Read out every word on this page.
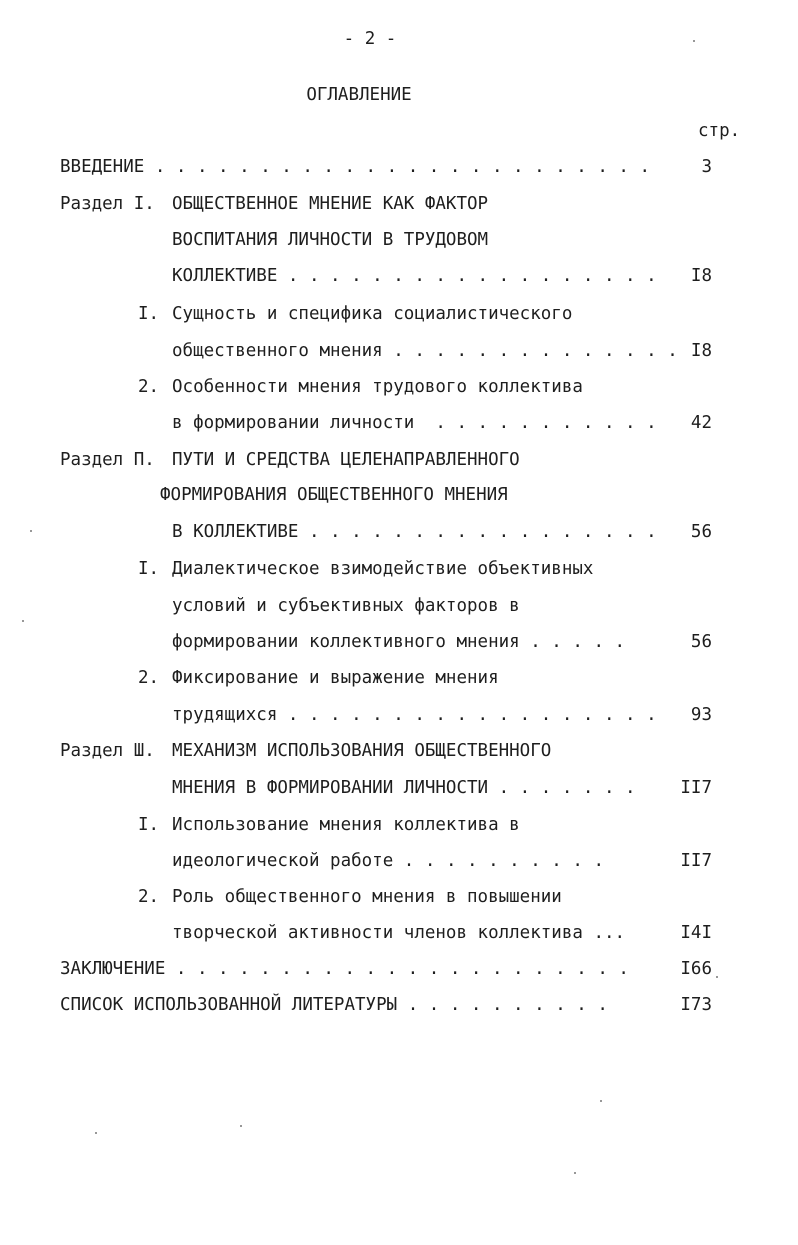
- 2 -
ОГЛАВЛЕНИЕ
стр.
ВВЕДЕНИЕ . . . . . . . . . . . . . . . . . . . . . . . .	3
Раздел I. ОБЩЕСТВЕННОЕ МНЕНИЕ КАК ФАКТОР
ВОСПИТАНИЯ ЛИЧНОСТИ В ТРУДОВОМ
КОЛЛЕКТИВЕ . . . . . . . . . . . . . . . . . .	I8
I. Сущность и специфика социалистического
общественного мнения . . . . . . . . . . . . . . I8
2. Особенности мнения трудового коллектива
в формировании личности  . . . . . . . . . . .	42
Раздел П. ПУТИ И СРЕДСТВА ЦЕЛЕНАПРАВЛЕННОГО
ФОРМИРОВАНИЯ ОБЩЕСТВЕННОГО МНЕНИЯ
В КОЛЛЕКТИВЕ . . . . . . . . . . . . . . . . .	56
I. Диалектическое взимодействие объективных
условий и субъективных факторов в
формировании коллективного мнения . . . . .	56
2. Фиксирование и выражение мнения
трудящихся . . . . . . . . . . . . . . . . . .	93
Раздел Ш. МЕХАНИЗМ ИСПОЛЬЗОВАНИЯ ОБЩЕСТВЕННОГО
МНЕНИЯ В ФОРМИРОВАНИИ ЛИЧНОСТИ . . . . . . .	II7
I. Использование мнения коллектива в
идеологической работе . . . . . . . . . .	II7
2. Роль общественного мнения в повышении
творческой активности членов коллектива ...	I4I
ЗАКЛЮЧЕНИЕ . . . . . . . . . . . . . . . . . . . . . .	I66
СПИСОК ИСПОЛЬЗОВАННОЙ ЛИТЕРАТУРЫ . . . . . . . . . .	I73
